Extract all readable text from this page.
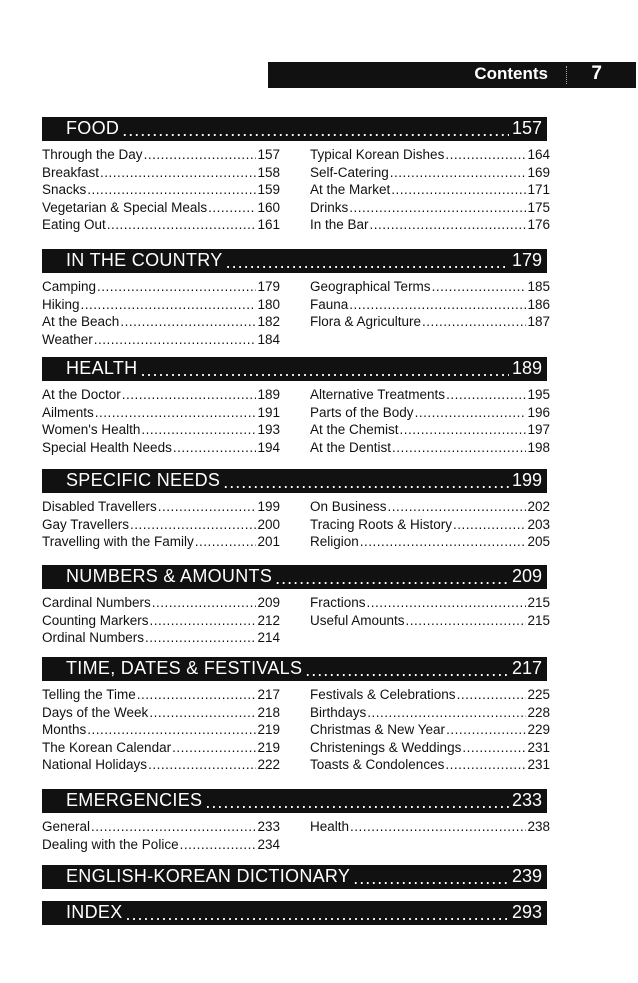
Contents 7
FOOD .....	157
Through the Day .....	157
Breakfast .....	158
Snacks .....	159
Vegetarian & Special Meals .....	160
Eating Out .....	161
Typical Korean Dishes .....	164
Self-Catering .....	169
At the Market .....	171
Drinks .....	175
In the Bar .....	176
IN THE COUNTRY .....	179
Camping .....	179
Hiking .....	180
At the Beach .....	182
Weather .....	184
Geographical Terms .....	185
Fauna .....	186
Flora & Agriculture .....	187
HEALTH .....	189
At the Doctor .....	189
Ailments .....	191
Women's Health .....	193
Special Health Needs .....	194
Alternative Treatments .....	195
Parts of the Body .....	196
At the Chemist .....	197
At the Dentist .....	198
SPECIFIC NEEDS .....	199
Disabled Travellers .....	199
Gay Travellers .....	200
Travelling with the Family .....	201
On Business .....	202
Tracing Roots & History .....	203
Religion .....	205
NUMBERS & AMOUNTS .....	209
Cardinal Numbers .....	209
Counting Markers .....	212
Ordinal Numbers .....	214
Fractions .....	215
Useful Amounts .....	215
TIME, DATES & FESTIVALS .....	217
Telling the Time .....	217
Days of the Week .....	218
Months .....	219
The Korean Calendar .....	219
National Holidays .....	222
Festivals & Celebrations .....	225
Birthdays .....	228
Christmas & New Year .....	229
Christenings & Weddings .....	231
Toasts & Condolences .....	231
EMERGENCIES .....	233
General .....	233
Dealing with the Police .....	234
Health .....	238
ENGLISH-KOREAN DICTIONARY .....	239
INDEX .....	293
